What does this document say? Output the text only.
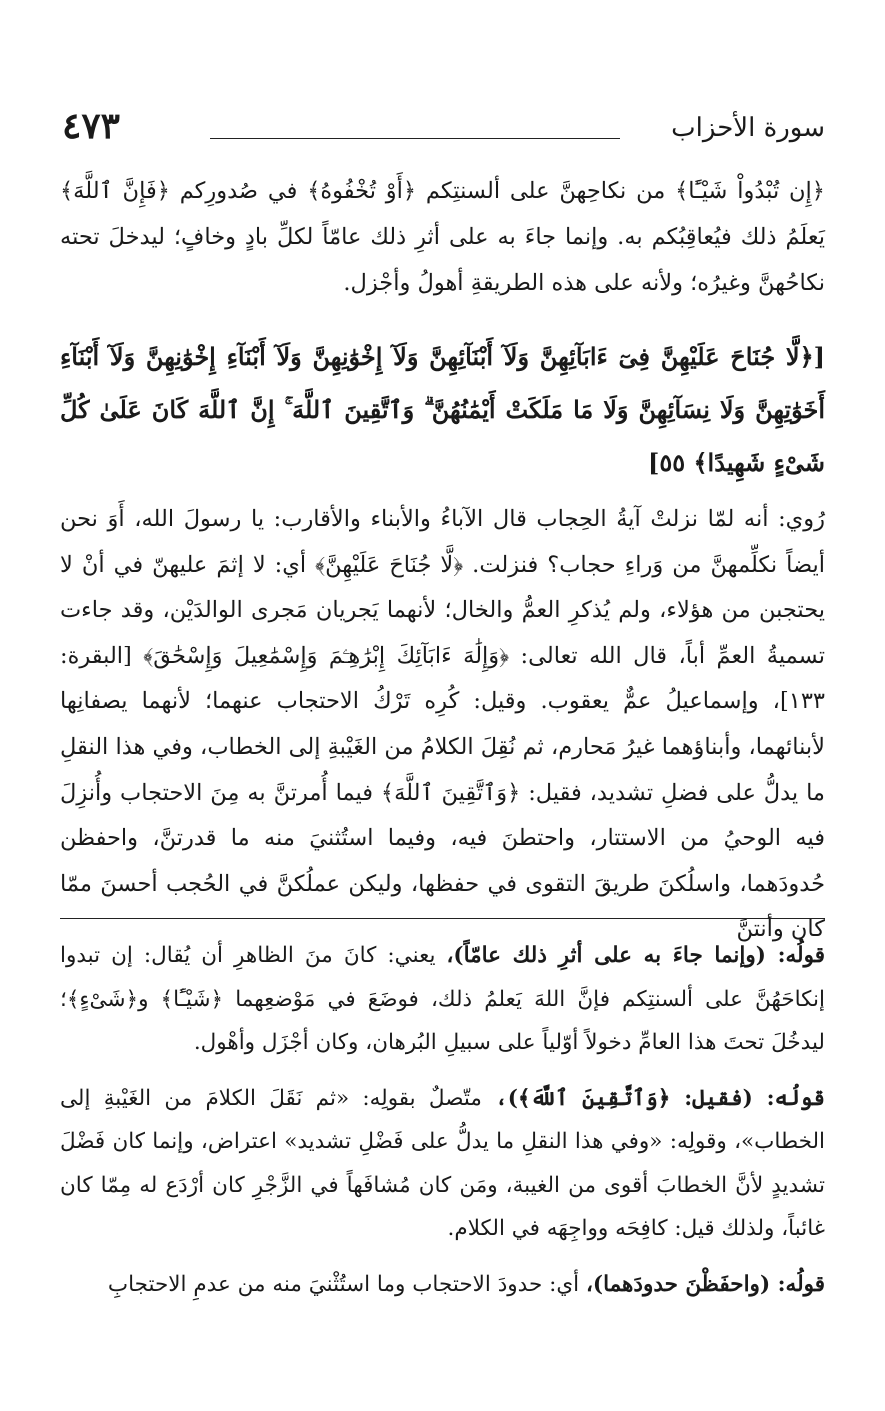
سورة الأحزاب
٤٧٣
﴿إِن تُبْدُواْ شَيْـًٔا﴾ من نكاحِهنَّ على ألسنتِكم ﴿أَوْ تُخْفُوهُ﴾ في صُدورِكم ﴿فَإِنَّ ٱللَّهَ﴾ يَعلَمُ ذلك فيُعاقِبُكم به. وإنما جاءَ به على أثرِ ذلك عامّاً لكلِّ بادٍ وخافٍ؛ ليدخلَ تحته نكاحُهنَّ وغيرُه؛ ولأنه على هذه الطريقةِ أهولُ وأجْزل.
[﴿لَّا جُنَاحَ عَلَيْهِنَّ فِىٓ ءَابَآئِهِنَّ وَلَآ أَبْنَآئِهِنَّ وَلَآ إِخْوَٰنِهِنَّ وَلَآ أَبْنَآءِ إِخْوَٰنِهِنَّ وَلَآ أَبْنَآءِ أَخَوَٰتِهِنَّ وَلَا نِسَآئِهِنَّ وَلَا مَا مَلَكَتْ أَيْمَٰنُهُنَّ ۗ وَٱتَّقِينَ ٱللَّهَ ۚ إِنَّ ٱللَّهَ كَانَ عَلَىٰ كُلِّ شَىْءٍ شَهِيدًا﴾ ٥٥]
رُوي: أنه لمّا نزلتْ آيةُ الحِجاب قال الآباءُ والأبناء والأقارب: يا رسولَ الله، أَوَ نحن أيضاً نكلِّمهنَّ من وَراءِ حجاب؟ فنزلت. ﴿لَّا جُنَاحَ عَلَيْهِنَّ﴾ أي: لا إثمَ عليهنّ في أنْ لا يحتجبن من هؤلاء، ولم يُذكرِ العمُّ والخال؛ لأنهما يَجريان مَجرى الوالدَيْن، وقد جاءت تسميةُ العمِّ أباً، قال الله تعالى: ﴿وَإِلَٰهَ ءَابَآئِكَ إِبْرَٰهِـۧمَ وَإِسْمَٰعِيلَ وَإِسْحَٰقَ﴾ [البقرة: ١٣٣]، وإسماعيلُ عمٌّ يعقوب. وقيل: كُرِه تَرْكُ الاحتجاب عنهما؛ لأنهما يصفانِها لأبنائهما، وأبناؤهما غيرُ مَحارم، ثم نُقِلَ الكلامُ من الغَيْبةِ إلى الخطاب، وفي هذا النقلِ ما يدلُّ على فضلِ تشديد، فقيل: ﴿وَٱتَّقِينَ ٱللَّهَ﴾ فيما أُمرتنَّ به مِنَ الاحتجاب وأُنزِلَ فيه الوحيُ من الاستتار، واحتطنَ فيه، وفيما استُثنيَ منه ما قدرتنَّ، واحفظن حُدودَهما، واسلُكنَ طريقَ التقوى في حفظها، وليكن عملُكنَّ في الحُجب أحسنَ ممّا كان وأنتنَّ

قولُه: (وإنما جاءَ به على أثرِ ذلك عامّاً)، يعني: كانَ منَ الظاهرِ أن يُقال: إن تبدوا إنكاحَهُنَّ على ألسنتِكم فإنَّ اللهَ يَعلمُ ذلك، فوضَعَ في مَوْضعِهما ﴿شَيْـًٔا﴾ و﴿شَىْءٍ﴾؛ ليدخُلَ تحتَ هذا العامِّ دخولاً أوّلياً على سبيلِ البُرهان، وكان أجْزَل وأهْول.

قولُه: (فقيل: ﴿وَٱتَّقِينَ ٱللَّهَ﴾)، متّصلٌ بقولِه: «ثم نَقَلَ الكلامَ من الغَيْبةِ إلى الخطاب»، وقولِه: «وفي هذا النقلِ ما يدلُّ على فَضْلِ تشديد» اعتراض، وإنما كان فَضْلَ تشديدٍ لأنَّ الخطابَ أقوى من الغيبة، ومَن كان مُشافَهاً في الزَّجْرِ كان أرْدَع له مِمّا كان غائباً، ولذلك قيل: كافِحَه وواجِهَه في الكلام.

قولُه: (واحفَظْنَ حدودَهما)، أي: حدودَ الاحتجاب وما استُثْنيَ منه من عدمِ الاحتجابِ
